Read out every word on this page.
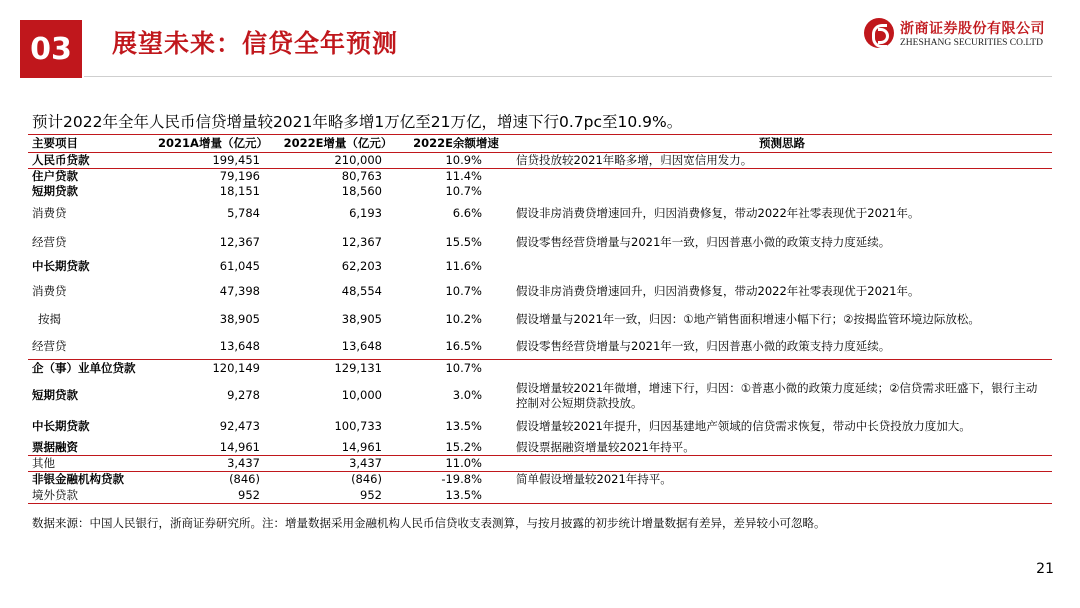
03	展望未来：信贷全年预测	浙商证券股份有限公司
ZHESHANG SECURITIES CO.LTD
预计2022年全年人民币信贷增量较2021年略多增1万亿至21万亿，增速下行0.7pc至10.9%。
主要项目	2021A增量（亿元）	2022E增量（亿元）	2022E余额增速	预测思路
人民币贷款	199,451	210,000	10.9%	信贷投放较2021年略多增，归因宽信用发力。
住户贷款	79,196	80,763	11.4%	
短期贷款	18,151	18,560	10.7%	
消费贷	5,784	6,193	6.6%	假设非房消费贷增速回升，归因消费修复，带动2022年社零表现优于2021年。
经营贷	12,367	12,367	15.5%	假设零售经营贷增量与2021年一致，归因普惠小微的政策支持力度延续。
中长期贷款	61,045	62,203	11.6%	
消费贷	47,398	48,554	10.7%	假设非房消费贷增速回升，归因消费修复，带动2022年社零表现优于2021年。
按揭	38,905	38,905	10.2%	假设增量与2021年一致，归因：①地产销售面积增速小幅下行；②按揭监管环境边际放松。
经营贷	13,648	13,648	16.5%	假设零售经营贷增量与2021年一致，归因普惠小微的政策支持力度延续。
企（事）业单位贷款	120,149	129,131	10.7%	
短期贷款	9,278	10,000	3.0%	假设增量较2021年微增，增速下行，归因：①普惠小微的政策力度延续；②信贷需求旺盛下，银行主动控制对公短期贷款投放。
中长期贷款	92,473	100,733	13.5%	假设增量较2021年提升，归因基建地产领域的信贷需求恢复，带动中长贷投放力度加大。
票据融资	14,961	14,961	15.2%	假设票据融资增量较2021年持平。
其他	3,437	3,437	11.0%	
非银金融机构贷款	(846)	(846)	-19.8%	简单假设增量较2021年持平。
境外贷款	952	952	13.5%	
数据来源：中国人民银行，浙商证券研究所。注：增量数据采用金融机构人民币信贷收支表测算，与按月披露的初步统计增量数据有差异，差异较小可忽略。
21
